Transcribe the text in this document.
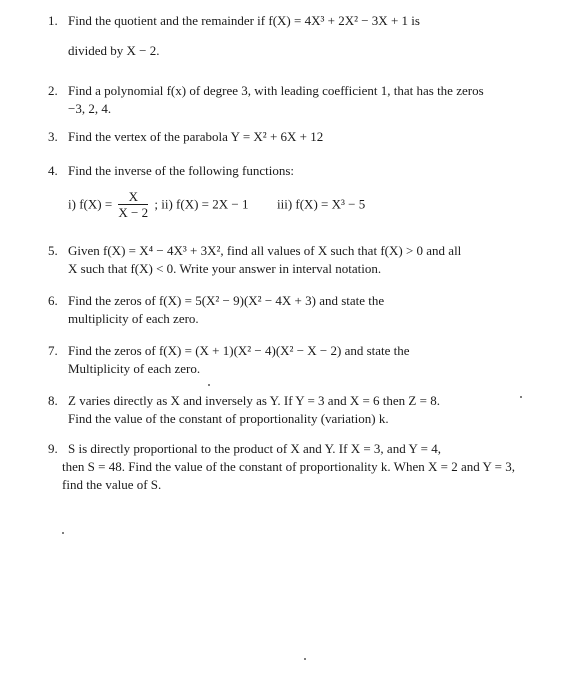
1. Find the quotient and the remainder if f(X) = 4X³ + 2X² − 3X + 1 is
divided by X − 2.
2. Find a polynomial f(x) of degree 3, with leading coefficient 1, that has the zeros
−3, 2, 4.
3. Find the vertex of the parabola Y = X² + 6X + 12
4. Find the inverse of the following functions:
i) $f(X) = \frac{X}{X - 2}$ ; ii) f(X) = 2X − 1 iii) f(X) = X³ − 5
5. Given f(X) = X⁴ − 4X³ + 3X², find all values of X such that f(X) > 0 and all
X such that f(X) < 0. Write your answer in interval notation.
6. Find the zeros of f(X) = 5(X² − 9)(X² − 4X + 3) and state the
multiplicity of each zero.
7. Find the zeros of f(X) = (X + 1)(X² − 4)(X² − X − 2) and state the
Multiplicity of each zero.
8. Z varies directly as X and inversely as Y. If Y = 3 and X = 6 then Z = 8.
Find the value of the constant of proportionality (variation) k.
9. S is directly proportional to the product of X and Y. If X = 3, and Y = 4,
then S = 48. Find the value of the constant of proportionality k. When X = 2 and Y = 3,
find the value of S.
